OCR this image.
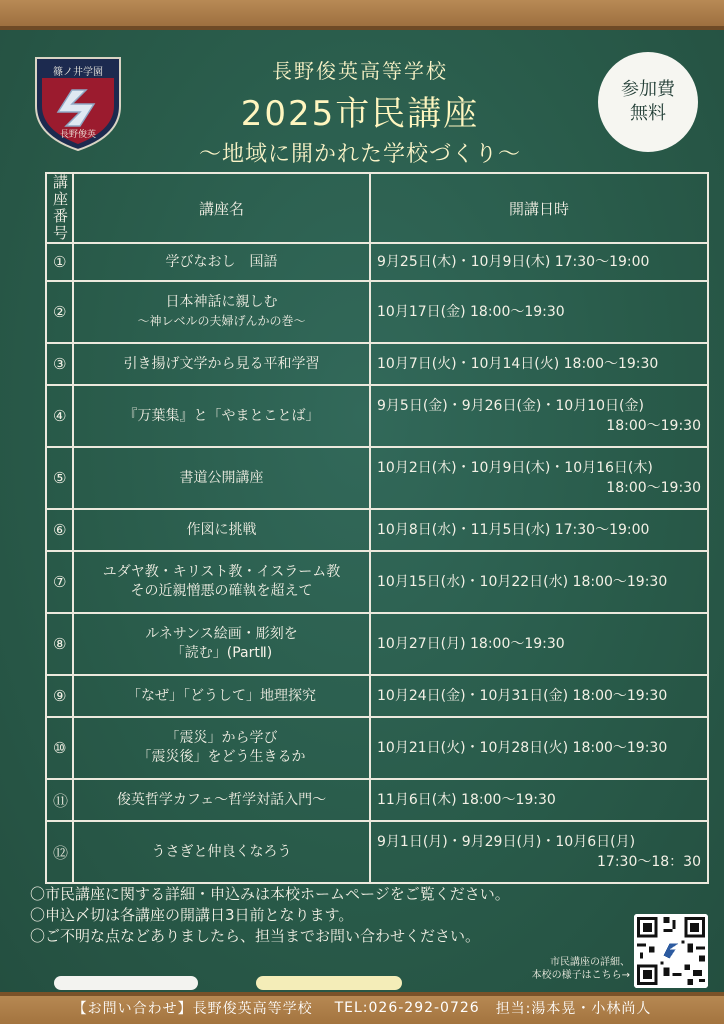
篠ノ井学園
長野俊英
長野俊英高等学校
2025市民講座
～地域に開かれた学校づくり～
参加費
無料
講座
番号	講座名	開講日時
①	学びなおし　国語	9月25日(木)・10月9日(木) 17:30～19:00

②	日本神話に親しむ
～神レベルの夫婦げんかの巻～	10月17日(金) 18:00～19:30

③	引き揚げ文学から見る平和学習	10月7日(火)・10月14日(火) 18:00～19:30

④	『万葉集』と「やまとことば」	9月5日(金)・9月26日(金)・10月10日(金)
18:00～19:30

⑤	書道公開講座	10月2日(木)・10月9日(木)・10月16日(木)
18:00～19:30

⑥	作図に挑戦	10月8日(水)・11月5日(水) 17:30～19:00

⑦	ユダヤ教・キリスト教・イスラーム教
その近親憎悪の確執を超えて	10月15日(水)・10月22日(水) 18:00～19:30

⑧	ルネサンス絵画・彫刻を
「読む」(PartⅡ)	10月27日(月) 18:00～19:30

⑨	「なぜ」「どうして」地理探究	10月24日(金)・10月31日(金) 18:00～19:30

⑩	「震災」から学び
「震災後」をどう生きるか	10月21日(火)・10月28日(火) 18:00～19:30

⑪	俊英哲学カフェ～哲学対話入門～	11月6日(木) 18:00～19:30

⑫	うさぎと仲良くなろう	9月1日(月)・9月29日(月)・10月6日(月)
17:30～18：30
〇市民講座に関する詳細・申込みは本校ホームページをご覧ください。
〇申込〆切は各講座の開講日3日前となります。
〇ご不明な点などありましたら、担当までお問い合わせください。
市民講座の詳細、
本校の様子はこちら→
【お問い合わせ】 長野俊英高等学校 TEL:026-292-0726 担当:湯本晃・小林尚人
